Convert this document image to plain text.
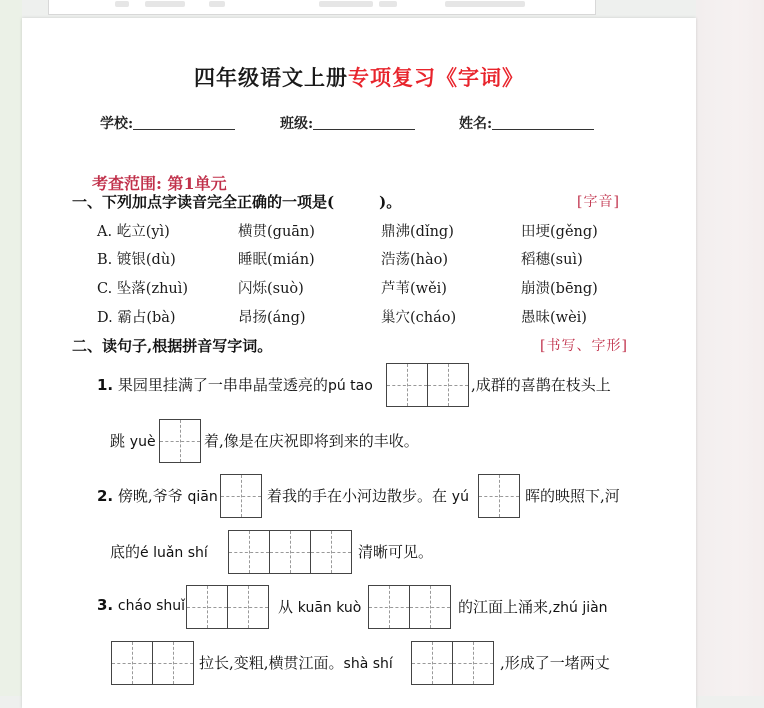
四年级语文上册专项复习《字词》
学校:	班级:	姓名:
考查范围: 第1单元
一、下列加点字读音完全正确的一项是(　　　)。	[字音]
A. 屹立(yì)	横贯(guān)	鼎沸(dǐng)	田埂(gěng)
B. 镀银(dù)	睡眠(mián)	浩荡(hào)	稻穗(suì)
C. 坠落(zhuì)	闪烁(suò)	芦苇(wěi)	崩溃(bēng)
D. 霸占(bà)	昂扬(áng)	巢穴(cháo)	愚昧(wèi)
二、读句子,根据拼音写字词。	[书写、字形]
1. 果园里挂满了一串串晶莹透亮的pú tao	,成群的喜鹊在枝头上
跳 yuè	着,像是在庆祝即将到来的丰收。
2. 傍晚,爷爷 qiān	着我的手在小河边散步。在 yú	晖的映照下,河
底的é luǎn shí	清晰可见。
3. cháo shuǐ	从 kuān kuò	的江面上涌来,zhú jiàn
拉长,变粗,横贯江面。shà shí	,形成了一堵两丈
